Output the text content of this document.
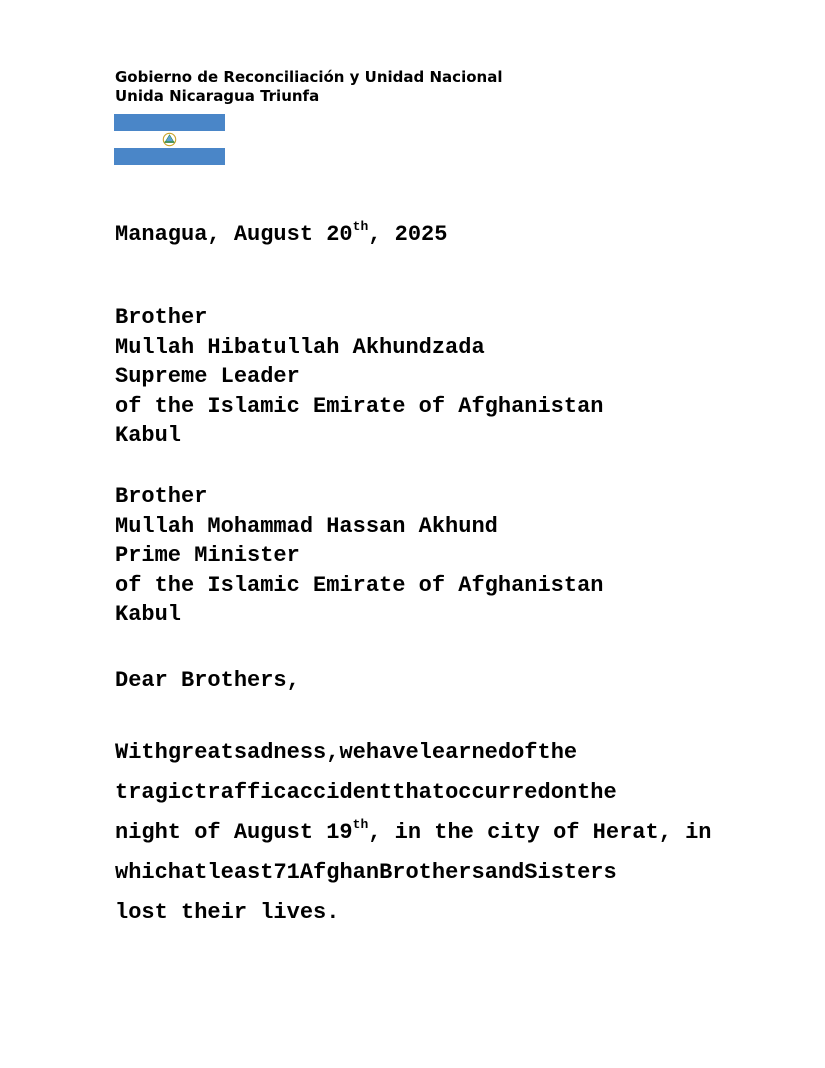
Gobierno de Reconciliación y Unidad Nacional
Unida Nicaragua Triunfa
Managua, August 20th, 2025
Brother
Mullah Hibatullah Akhundzada
Supreme Leader
of the Islamic Emirate of Afghanistan
Kabul
Brother
Mullah Mohammad Hassan Akhund
Prime Minister
of the Islamic Emirate of Afghanistan
Kabul
Dear Brothers,
Withgreatsadness,wehavelearnedofthe
tragictrafficaccidentthatoccurredonthe
night of August 19th, in the city of Herat, in
whichatleast71AfghanBrothersandSisters
lost their lives.
